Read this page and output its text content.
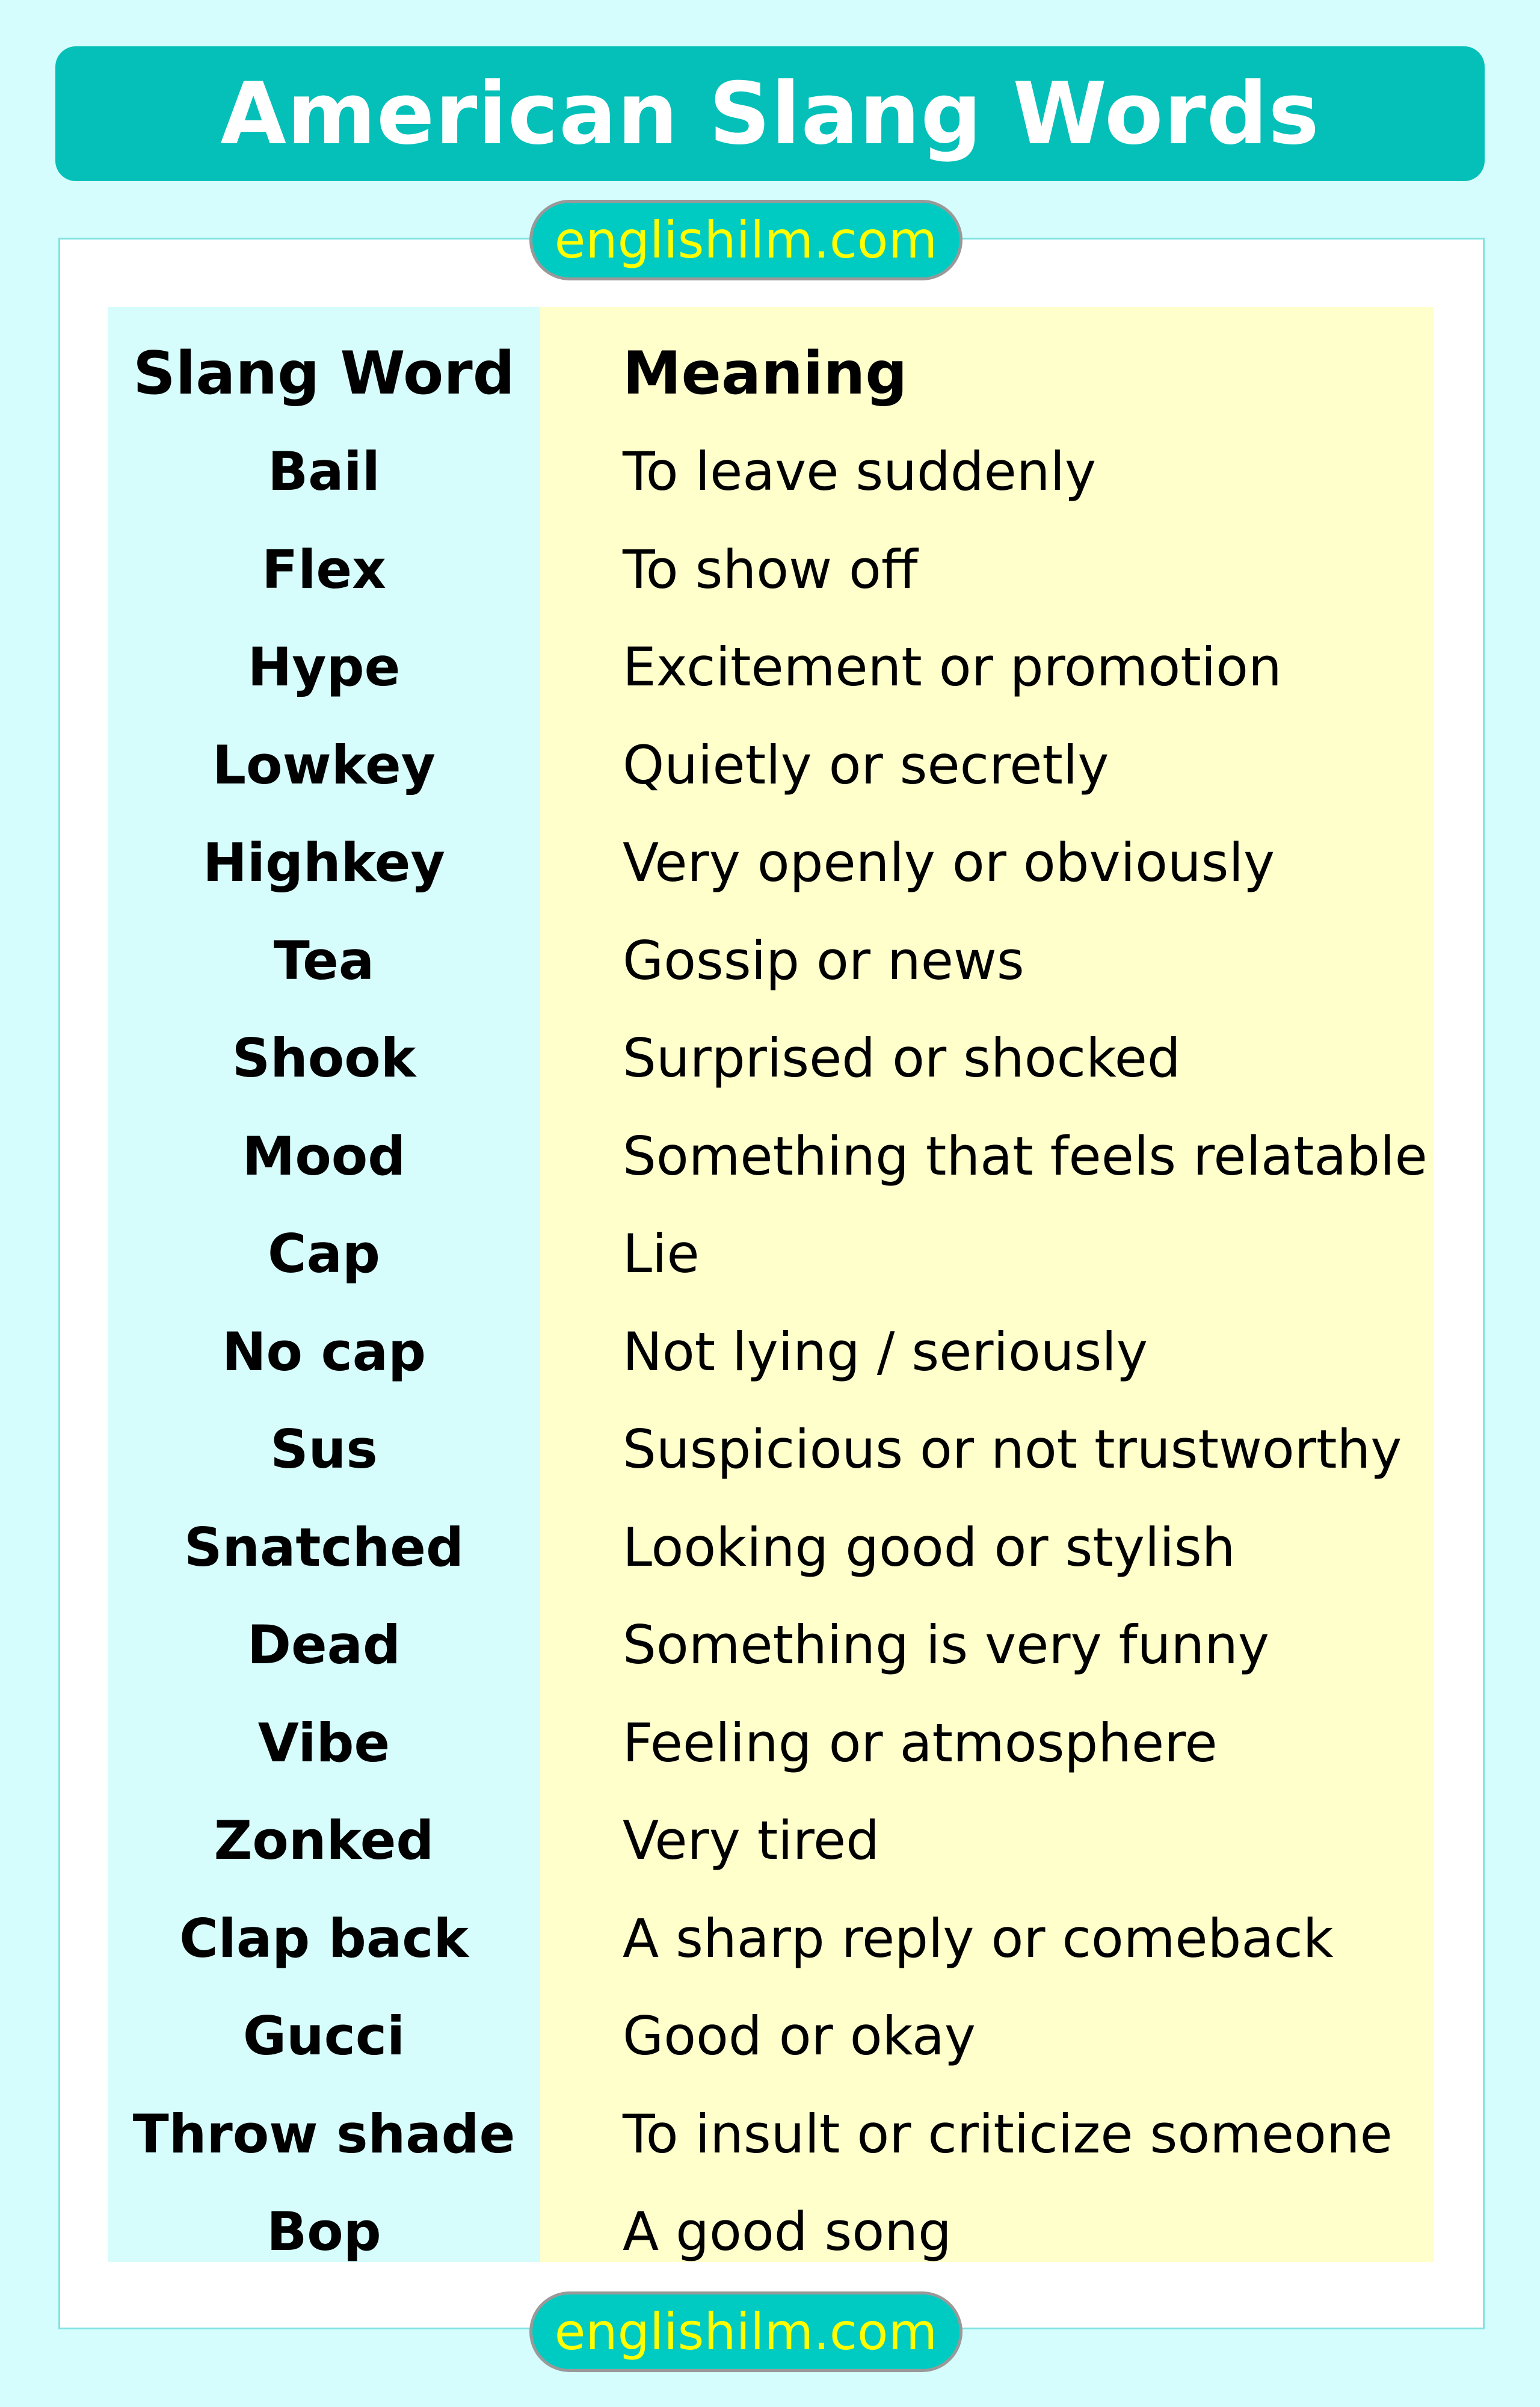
American Slang Words
englishilm.com
Slang Word	Meaning
Bail	To leave suddenly
Flex	To show off
Hype	Excitement or promotion
Lowkey	Quietly or secretly
Highkey	Very openly or obviously
Tea	Gossip or news
Shook	Surprised or shocked
Mood	Something that feels relatable
Cap	Lie
No cap	Not lying / seriously
Sus	Suspicious or not trustworthy
Snatched	Looking good or stylish
Dead	Something is very funny
Vibe	Feeling or atmosphere
Zonked	Very tired
Clap back	A sharp reply or comeback
Gucci	Good or okay
Throw shade	To insult or criticize someone
Bop	A good song
englishilm.com
